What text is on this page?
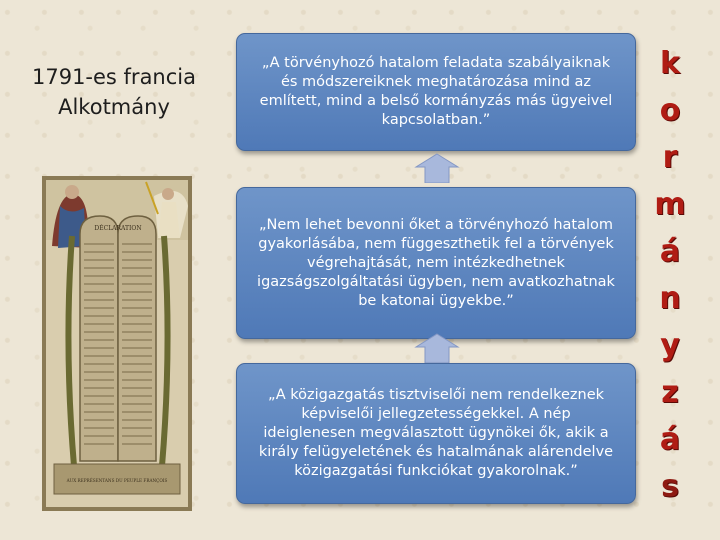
1791-es francia Alkotmány
DÉCLARATION
AUX REPRÉSENTANS DU PEUPLE FRANÇOIS
„A törvényhozó hatalom feladata szabályaiknak és módszereiknek meghatározása mind az említett, mind a belső kormányzás más ügyeivel kapcsolatban.”
„Nem lehet bevonni őket a törvényhozó hatalom gyakorlásába, nem függeszthetik fel a törvények végrehajtását, nem intézkedhetnek igazságszolgáltatási ügyben, nem avatkozhatnak be katonai ügyekbe.”
„A közigazgatás tisztviselői nem rendelkeznek képviselői jellegzetességekkel. A nép ideiglenesen megválasztott ügynökei ők, akik a király felügyeletének és hatalmának alárendelve közigazgatási funkciókat gyakorolnak.”
k
o
r
m
á
n
y
z
á
s
